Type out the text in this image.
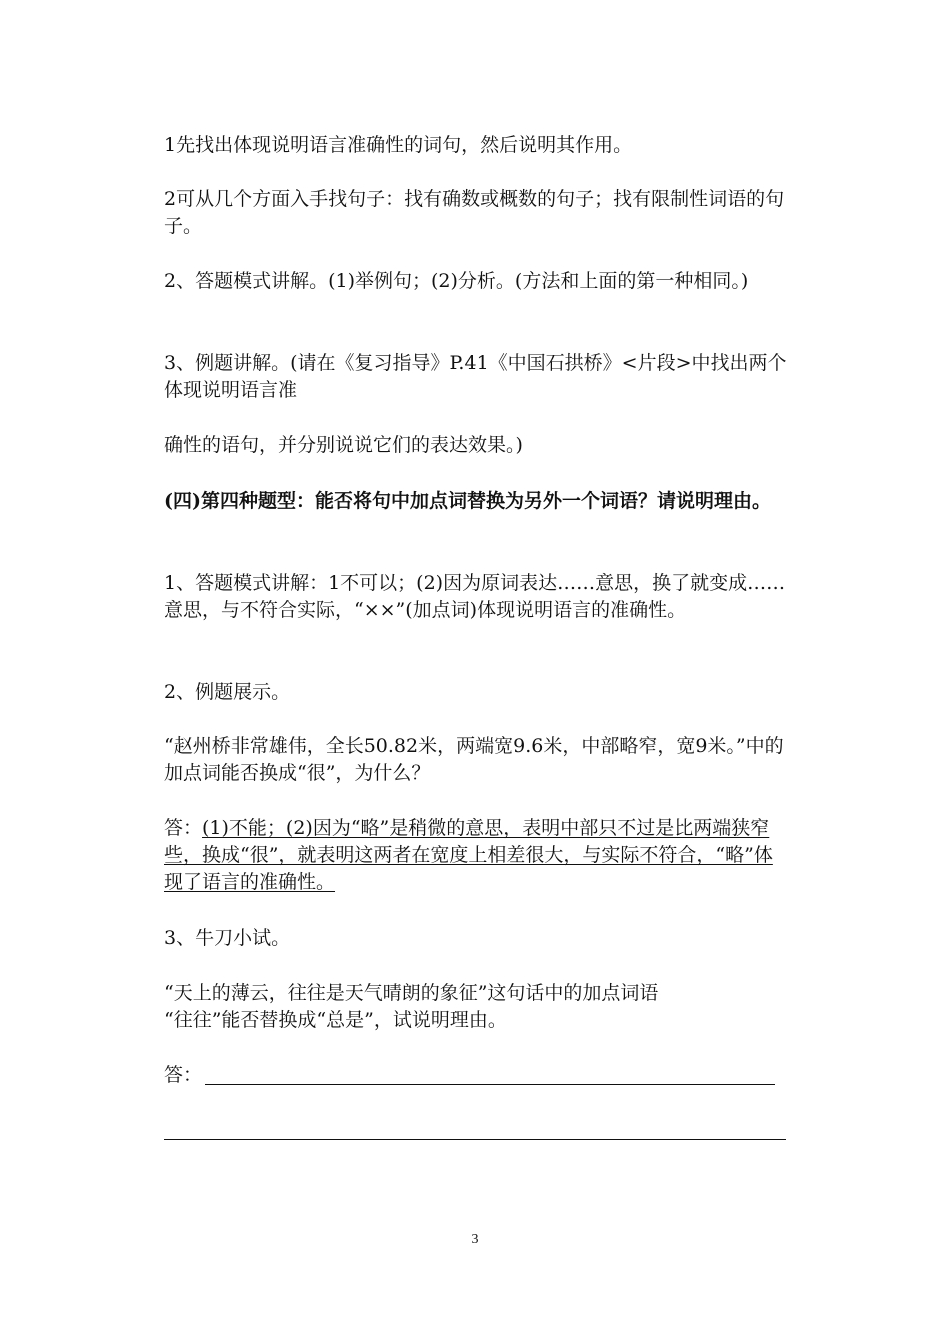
1先找出体现说明语言准确性的词句，然后说明其作用。

2可从几个方面入手找句子：找有确数或概数的句子；找有限制性词语的句子。

2、答题模式讲解。(1)举例句；(2)分析。(方法和上面的第一种相同。)

3、例题讲解。(请在《复习指导》P.41《中国石拱桥》<片段>中找出两个体现说明语言准

确性的语句，并分别说说它们的表达效果。)

(四)第四种题型：能否将句中加点词替换为另外一个词语？请说明理由。

1、答题模式讲解：1不可以；(2)因为原词表达……意思，换了就变成……意思，与不符合实际，“××”(加点词)体现说明语言的准确性。

2、例题展示。

“赵州桥非常雄伟，全长50.82米，两端宽9.6米，中部略窄，宽9米。”中的加点词能否换成“很”，为什么？

答：(1)不能；(2)因为“略”是稍微的意思，表明中部只不过是比两端狭窄些，换成“很”，就表明这两者在宽度上相差很大，与实际不符合，“略”体现了语言的准确性。

3、牛刀小试。

“天上的薄云，往往是天气晴朗的象征”这句话中的加点词语

“往往”能否替换成“总是”，试说明理由。

答：

3
